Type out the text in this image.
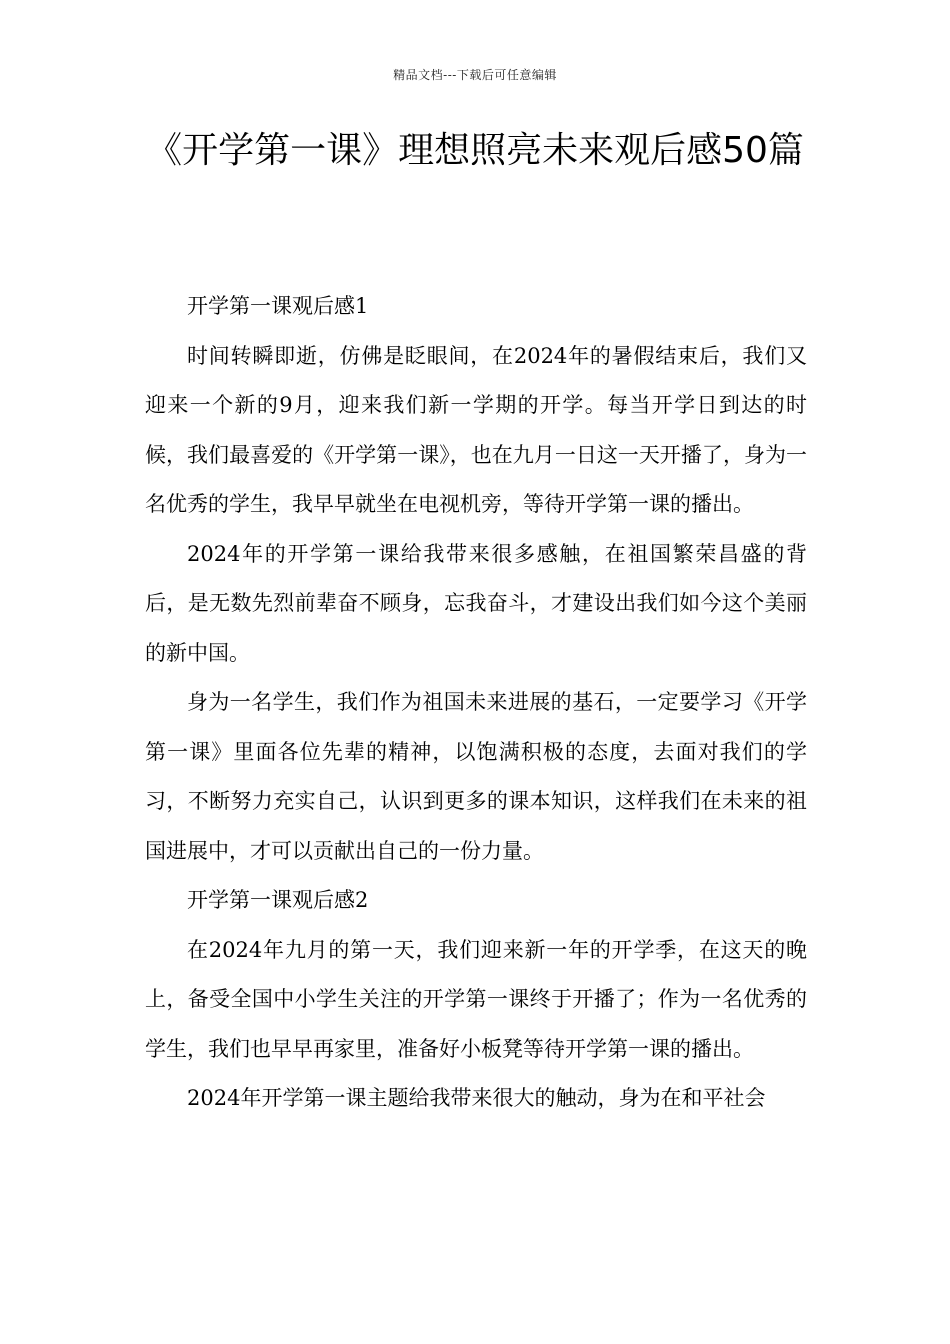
精品文档---下载后可任意编辑
《开学第一课》理想照亮未来观后感50篇

开学第一课观后感1

时间转瞬即逝，仿佛是眨眼间，在2024年的暑假结束后，我们又迎来一个新的9月，迎来我们新一学期的开学。每当开学日到达的时候，我们最喜爱的《开学第一课》，也在九月一日这一天开播了，身为一名优秀的学生，我早早就坐在电视机旁，等待开学第一课的播出。

2024年的开学第一课给我带来很多感触，在祖国繁荣昌盛的背后，是无数先烈前辈奋不顾身，忘我奋斗，才建设出我们如今这个美丽的新中国。

身为一名学生，我们作为祖国未来进展的基石，一定要学习《开学第一课》里面各位先辈的精神，以饱满积极的态度，去面对我们的学习，不断努力充实自己，认识到更多的课本知识，这样我们在未来的祖国进展中，才可以贡献出自己的一份力量。

开学第一课观后感2

在2024年九月的第一天，我们迎来新一年的开学季，在这天的晚上，备受全国中小学生关注的开学第一课终于开播了；作为一名优秀的学生，我们也早早再家里，准备好小板凳等待开学第一课的播出。

2024年开学第一课主题给我带来很大的触动，身为在和平社会
